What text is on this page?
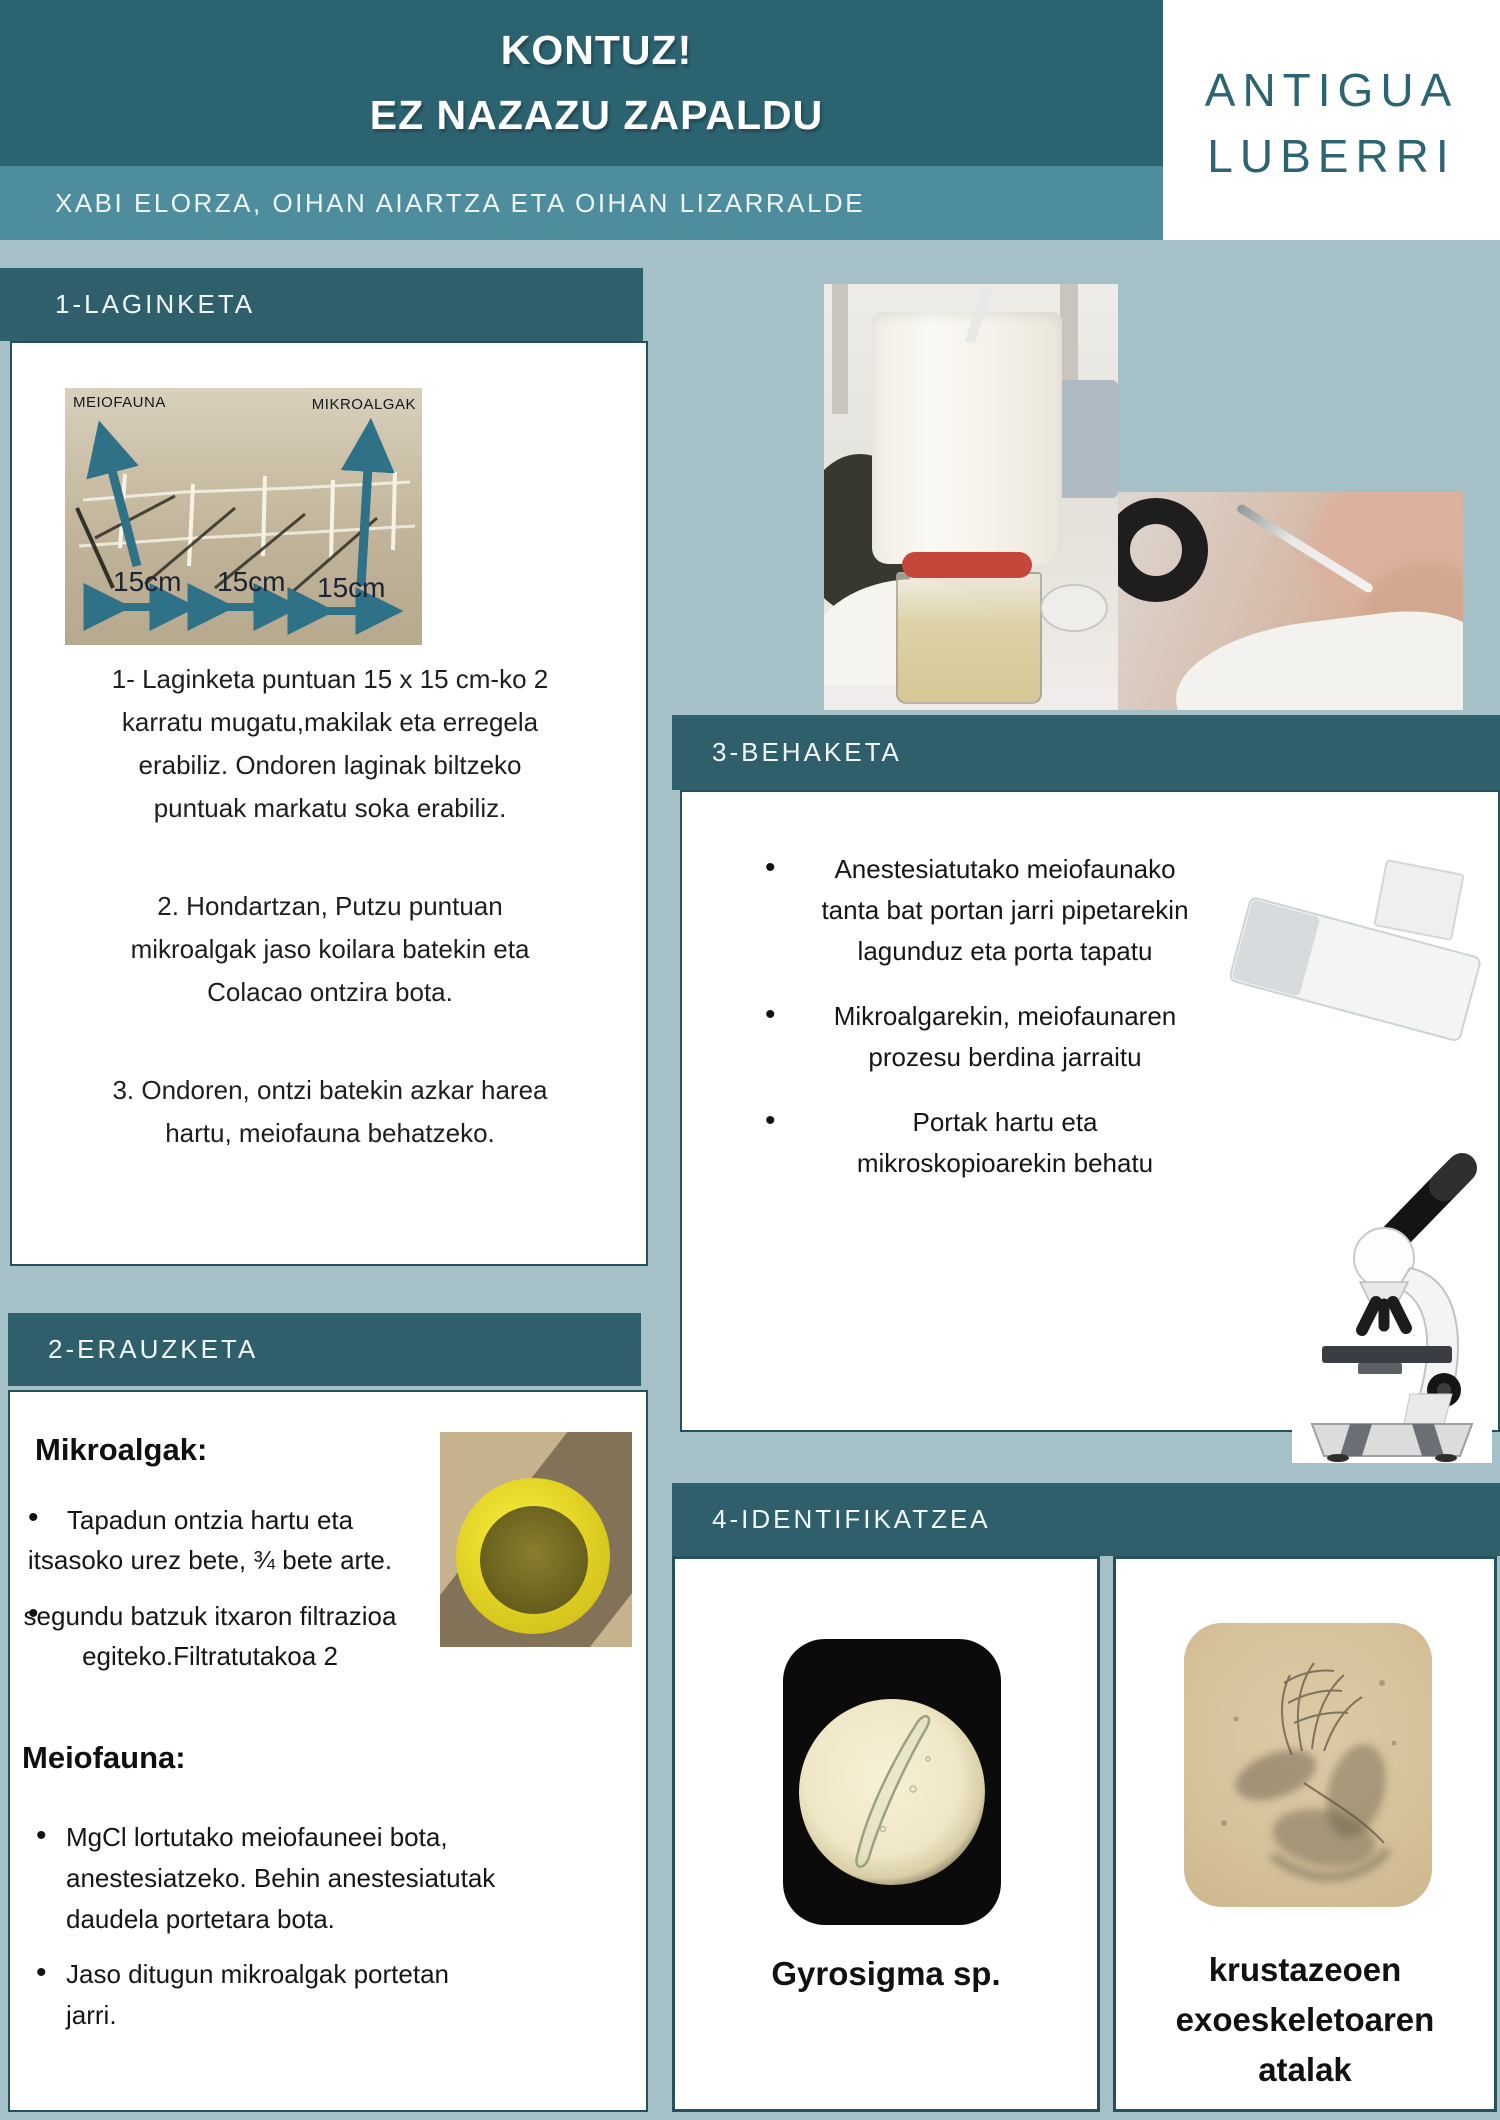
KONTUZ!
EZ NAZAZU ZAPALDU	ANTIGUA
LUBERRI
XABI ELORZA, OIHAN AIARTZA ETA OIHAN LIZARRALDE
1-LAGINKETA
MEIOFAUNA	MIKROALGAK
15cm 15cm 15cm

1- Laginketa puntuan 15 x 15 cm-ko 2 karratu mugatu,makilak eta erregela erabiliz. Ondoren laginak biltzeko puntuak markatu soka erabiliz.

2. Hondartzan, Putzu puntuan mikroalgak jaso koilara batekin eta Colacao ontzira bota.

3. Ondoren, ontzi batekin azkar harea hartu, meiofauna behatzeko.

3-BEHAKETA
• Anestesiatutako meiofaunako tanta bat portan jarri pipetarekin lagunduz eta porta tapatu
• Mikroalgarekin, meiofaunaren prozesu berdina jarraitu
• Portak hartu eta mikroskopioarekin behatu
2-ERAUZKETA
Mikroalgak:
• Tapadun ontzia hartu eta itsasoko urez bete, ¾ bete arte.
• segundu batzuk itxaron filtrazioa egiteko.Filtratutakoa 2
Meiofauna:
• MgCl lortutako meiofauneei bota, anestesiatzeko. Behin anestesiatutak daudela portetara bota.
• Jaso ditugun mikroalgak portetan jarri.
4-IDENTIFIKATZEA
Gyrosigma sp.	krustazeoen exoeskeletoaren atalak
